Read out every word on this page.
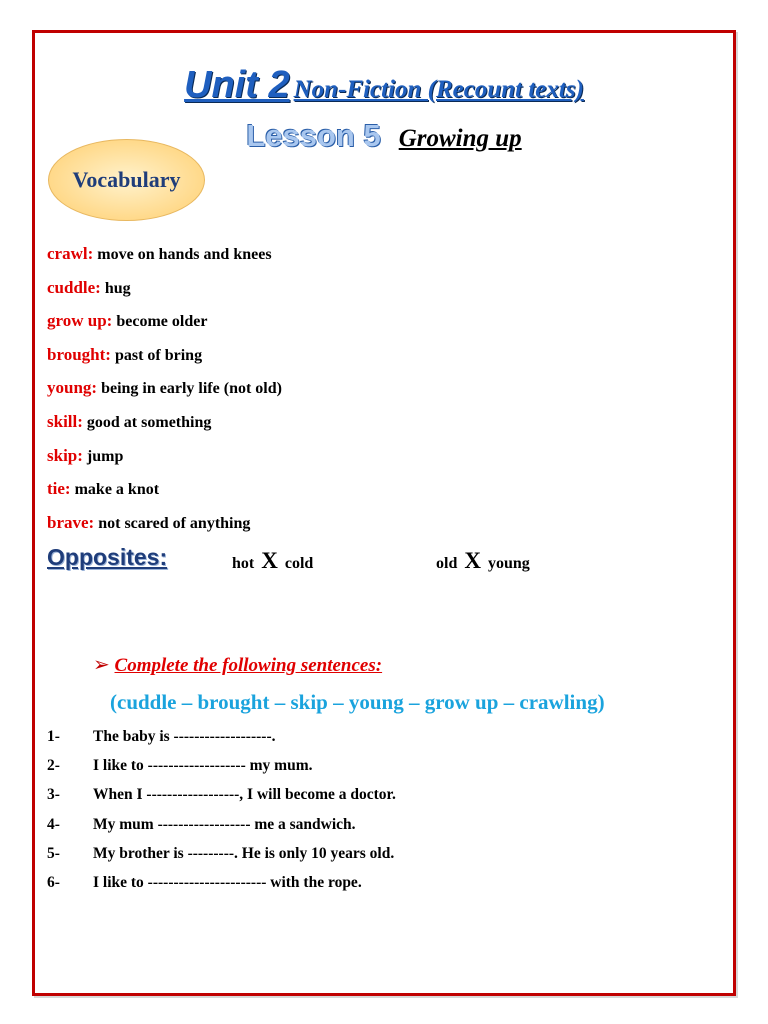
Unit 2 Non-Fiction (Recount texts)
Lesson 5 Growing up
Vocabulary
crawl: move on hands and knees
cuddle: hug
grow up: become older
brought: past of bring
young: being in early life (not old)
skill: good at something
skip: jump
tie: make a knot
brave: not scared of anything
Opposites:	hot X cold	old X young
➢ Complete the following sentences:
(cuddle – brought – skip – young – grow up – crawling)
1- The baby is -------------------.
2- I like to ------------------- my mum.
3- When I ------------------, I will become a doctor.
4- My mum ------------------ me a sandwich.
5- My brother is ---------. He is only 10 years old.
6- I like to ----------------------- with the rope.
